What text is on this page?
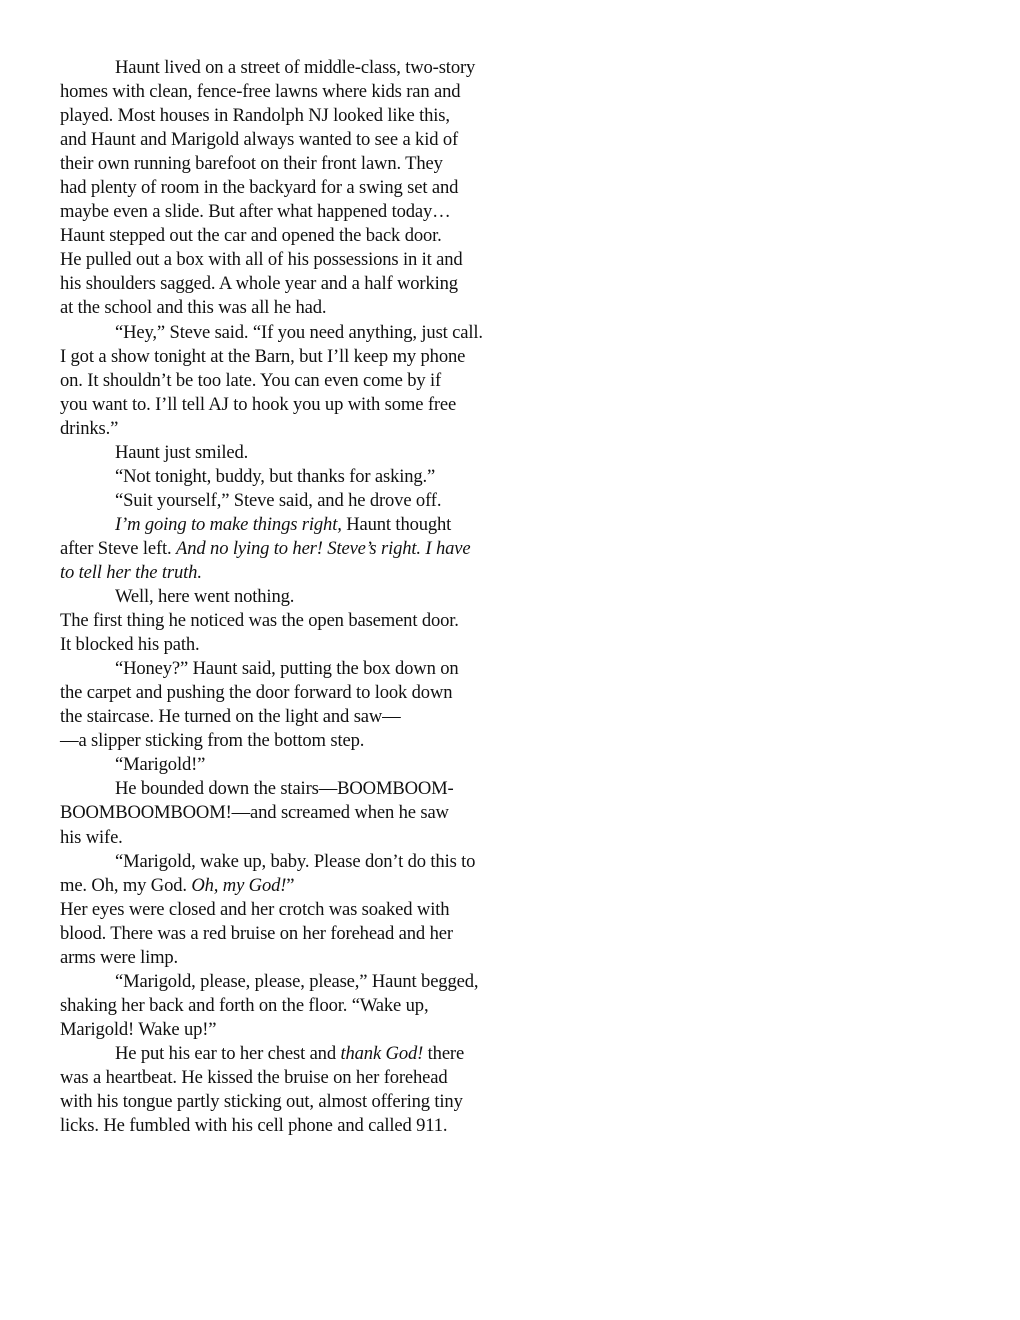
Haunt lived on a street of middle-class, two-story
homes with clean, fence-free lawns where kids ran and
played. Most houses in Randolph NJ looked like this,
and Haunt and Marigold always wanted to see a kid of
their own running barefoot on their front lawn. They
had plenty of room in the backyard for a swing set and
maybe even a slide. But after what happened today…
Haunt stepped out the car and opened the back door.
He pulled out a box with all of his possessions in it and
his shoulders sagged. A whole year and a half working
at the school and this was all he had.

“Hey,” Steve said. “If you need anything, just call.
I got a show tonight at the Barn, but I’ll keep my phone
on. It shouldn’t be too late. You can even come by if
you want to. I’ll tell AJ to hook you up with some free
drinks.”

Haunt just smiled.

“Not tonight, buddy, but thanks for asking.”

“Suit yourself,” Steve said, and he drove off.

I’m going to make things right, Haunt thought
after Steve left. And no lying to her! Steve’s right. I have
to tell her the truth.

Well, here went nothing.

The first thing he noticed was the open basement door.
It blocked his path.

“Honey?” Haunt said, putting the box down on
the carpet and pushing the door forward to look down
the staircase. He turned on the light and saw—

—a slipper sticking from the bottom step.

“Marigold!”

He bounded down the stairs—BOOMBOOM-
BOOMBOOMBOOM!—and screamed when he saw
his wife.

“Marigold, wake up, baby. Please don’t do this to
me. Oh, my God. Oh, my God!”

Her eyes were closed and her crotch was soaked with
blood. There was a red bruise on her forehead and her
arms were limp.

“Marigold, please, please, please,” Haunt begged,
shaking her back and forth on the floor. “Wake up,
Marigold! Wake up!”

He put his ear to her chest and thank God! there
was a heartbeat. He kissed the bruise on her forehead
with his tongue partly sticking out, almost offering tiny
licks. He fumbled with his cell phone and called 911.
